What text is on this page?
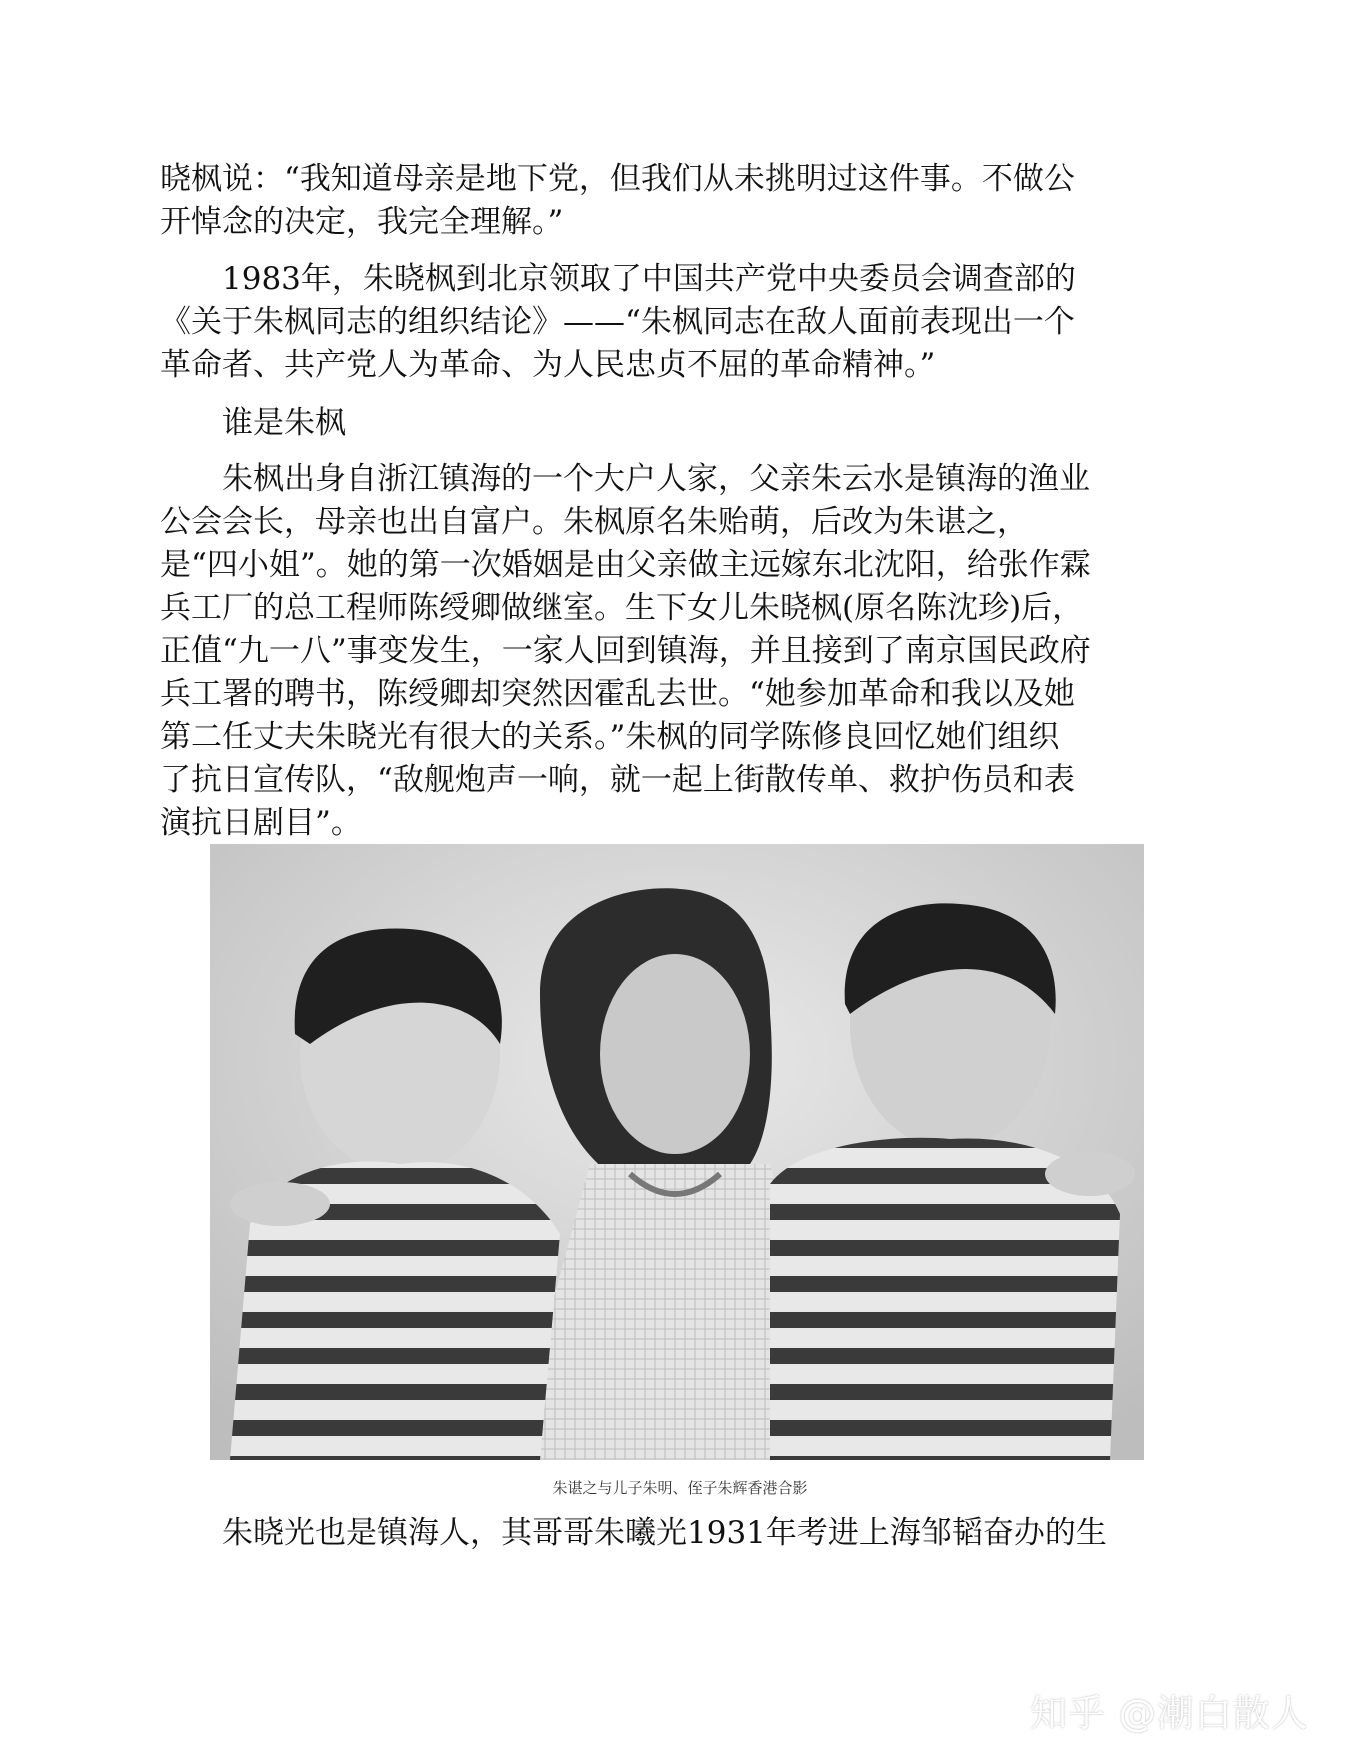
晓枫说：“我知道母亲是地下党，但我们从未挑明过这件事。不做公
开悼念的决定，我完全理解。”
　　1983年，朱晓枫到北京领取了中国共产党中央委员会调查部的
《关于朱枫同志的组织结论》——“朱枫同志在敌人面前表现出一个
革命者、共产党人为革命、为人民忠贞不屈的革命精神。”
　　谁是朱枫
　　朱枫出身自浙江镇海的一个大户人家，父亲朱云水是镇海的渔业
公会会长，母亲也出自富户。朱枫原名朱贻萌，后改为朱谌之，
是“四小姐”。她的第一次婚姻是由父亲做主远嫁东北沈阳，给张作霖
兵工厂的总工程师陈绶卿做继室。生下女儿朱晓枫(原名陈沈珍)后，
正值“九一八”事变发生，一家人回到镇海，并且接到了南京国民政府
兵工署的聘书，陈绶卿却突然因霍乱去世。“她参加革命和我以及她
第二任丈夫朱晓光有很大的关系。”朱枫的同学陈修良回忆她们组织
了抗日宣传队，“敌舰炮声一响，就一起上街散传单、救护伤员和表
演抗日剧目”。
朱谌之与儿子朱明、侄子朱辉香港合影
　　朱晓光也是镇海人，其哥哥朱曦光1931年考进上海邹韬奋办的生
知乎 @潮白散人
